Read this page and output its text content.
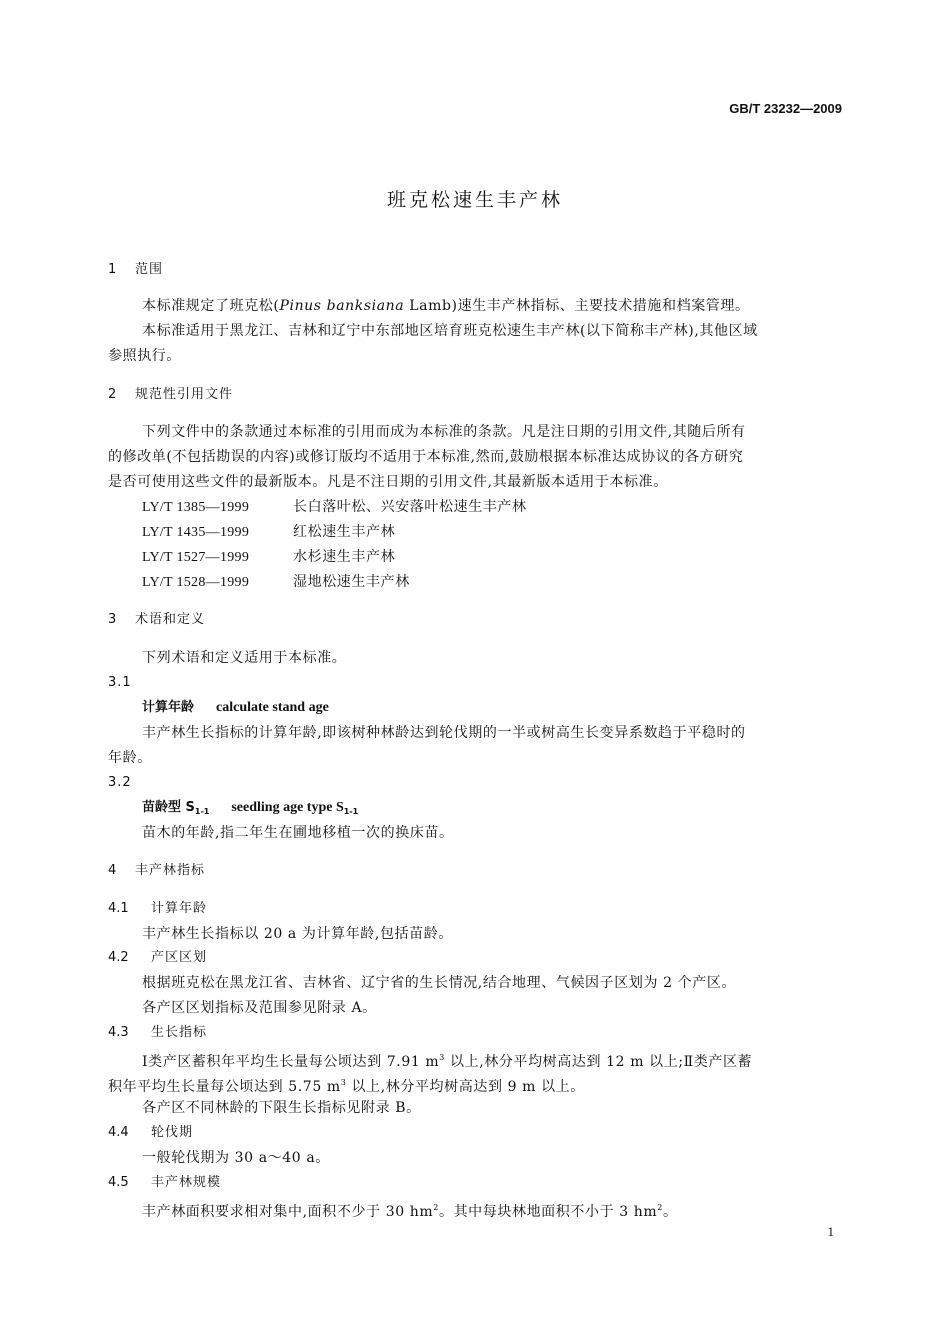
GB/T 23232—2009
班克松速生丰产林
1 范围
本标准规定了班克松(Pinus banksiana Lamb)速生丰产林指标、主要技术措施和档案管理。
本标准适用于黑龙江、吉林和辽宁中东部地区培育班克松速生丰产林(以下简称丰产林),其他区域
参照执行。
2 规范性引用文件
下列文件中的条款通过本标准的引用而成为本标准的条款。凡是注日期的引用文件,其随后所有
的修改单(不包括勘误的内容)或修订版均不适用于本标准,然而,鼓励根据本标准达成协议的各方研究
是否可使用这些文件的最新版本。凡是不注日期的引用文件,其最新版本适用于本标准。
LY/T 1385—1999	长白落叶松、兴安落叶松速生丰产林
LY/T 1435—1999	红松速生丰产林
LY/T 1527—1999	水杉速生丰产林
LY/T 1528—1999	湿地松速生丰产林
3 术语和定义
下列术语和定义适用于本标准。
3.1
计算年龄 calculate stand age
丰产林生长指标的计算年龄,即该树种林龄达到轮伐期的一半或树高生长变异系数趋于平稳时的
年龄。
3.2
苗龄型 $S_{1-1}$ seedling age type $S_{1-1}$
苗木的年龄,指二年生在圃地移植一次的换床苗。
4 丰产林指标
4.1 计算年龄
丰产林生长指标以 20 a 为计算年龄,包括苗龄。
4.2 产区区划
根据班克松在黑龙江省、吉林省、辽宁省的生长情况,结合地理、气候因子区划为 2 个产区。
各产区区划指标及范围参见附录 A。
4.3 生长指标
Ⅰ类产区蓄积年平均生长量每公顷达到 7.91 $m^3$ 以上,林分平均树高达到 12 m 以上;Ⅱ类产区蓄
积年平均生长量每公顷达到 5.75 $m^3$ 以上,林分平均树高达到 9 m 以上。
各产区不同林龄的下限生长指标见附录 B。
4.4 轮伐期
一般轮伐期为 30 a～40 a。
4.5 丰产林规模
丰产林面积要求相对集中,面积不少于 30 $hm^2$。其中每块林地面积不小于 3 $hm^2$。
1
